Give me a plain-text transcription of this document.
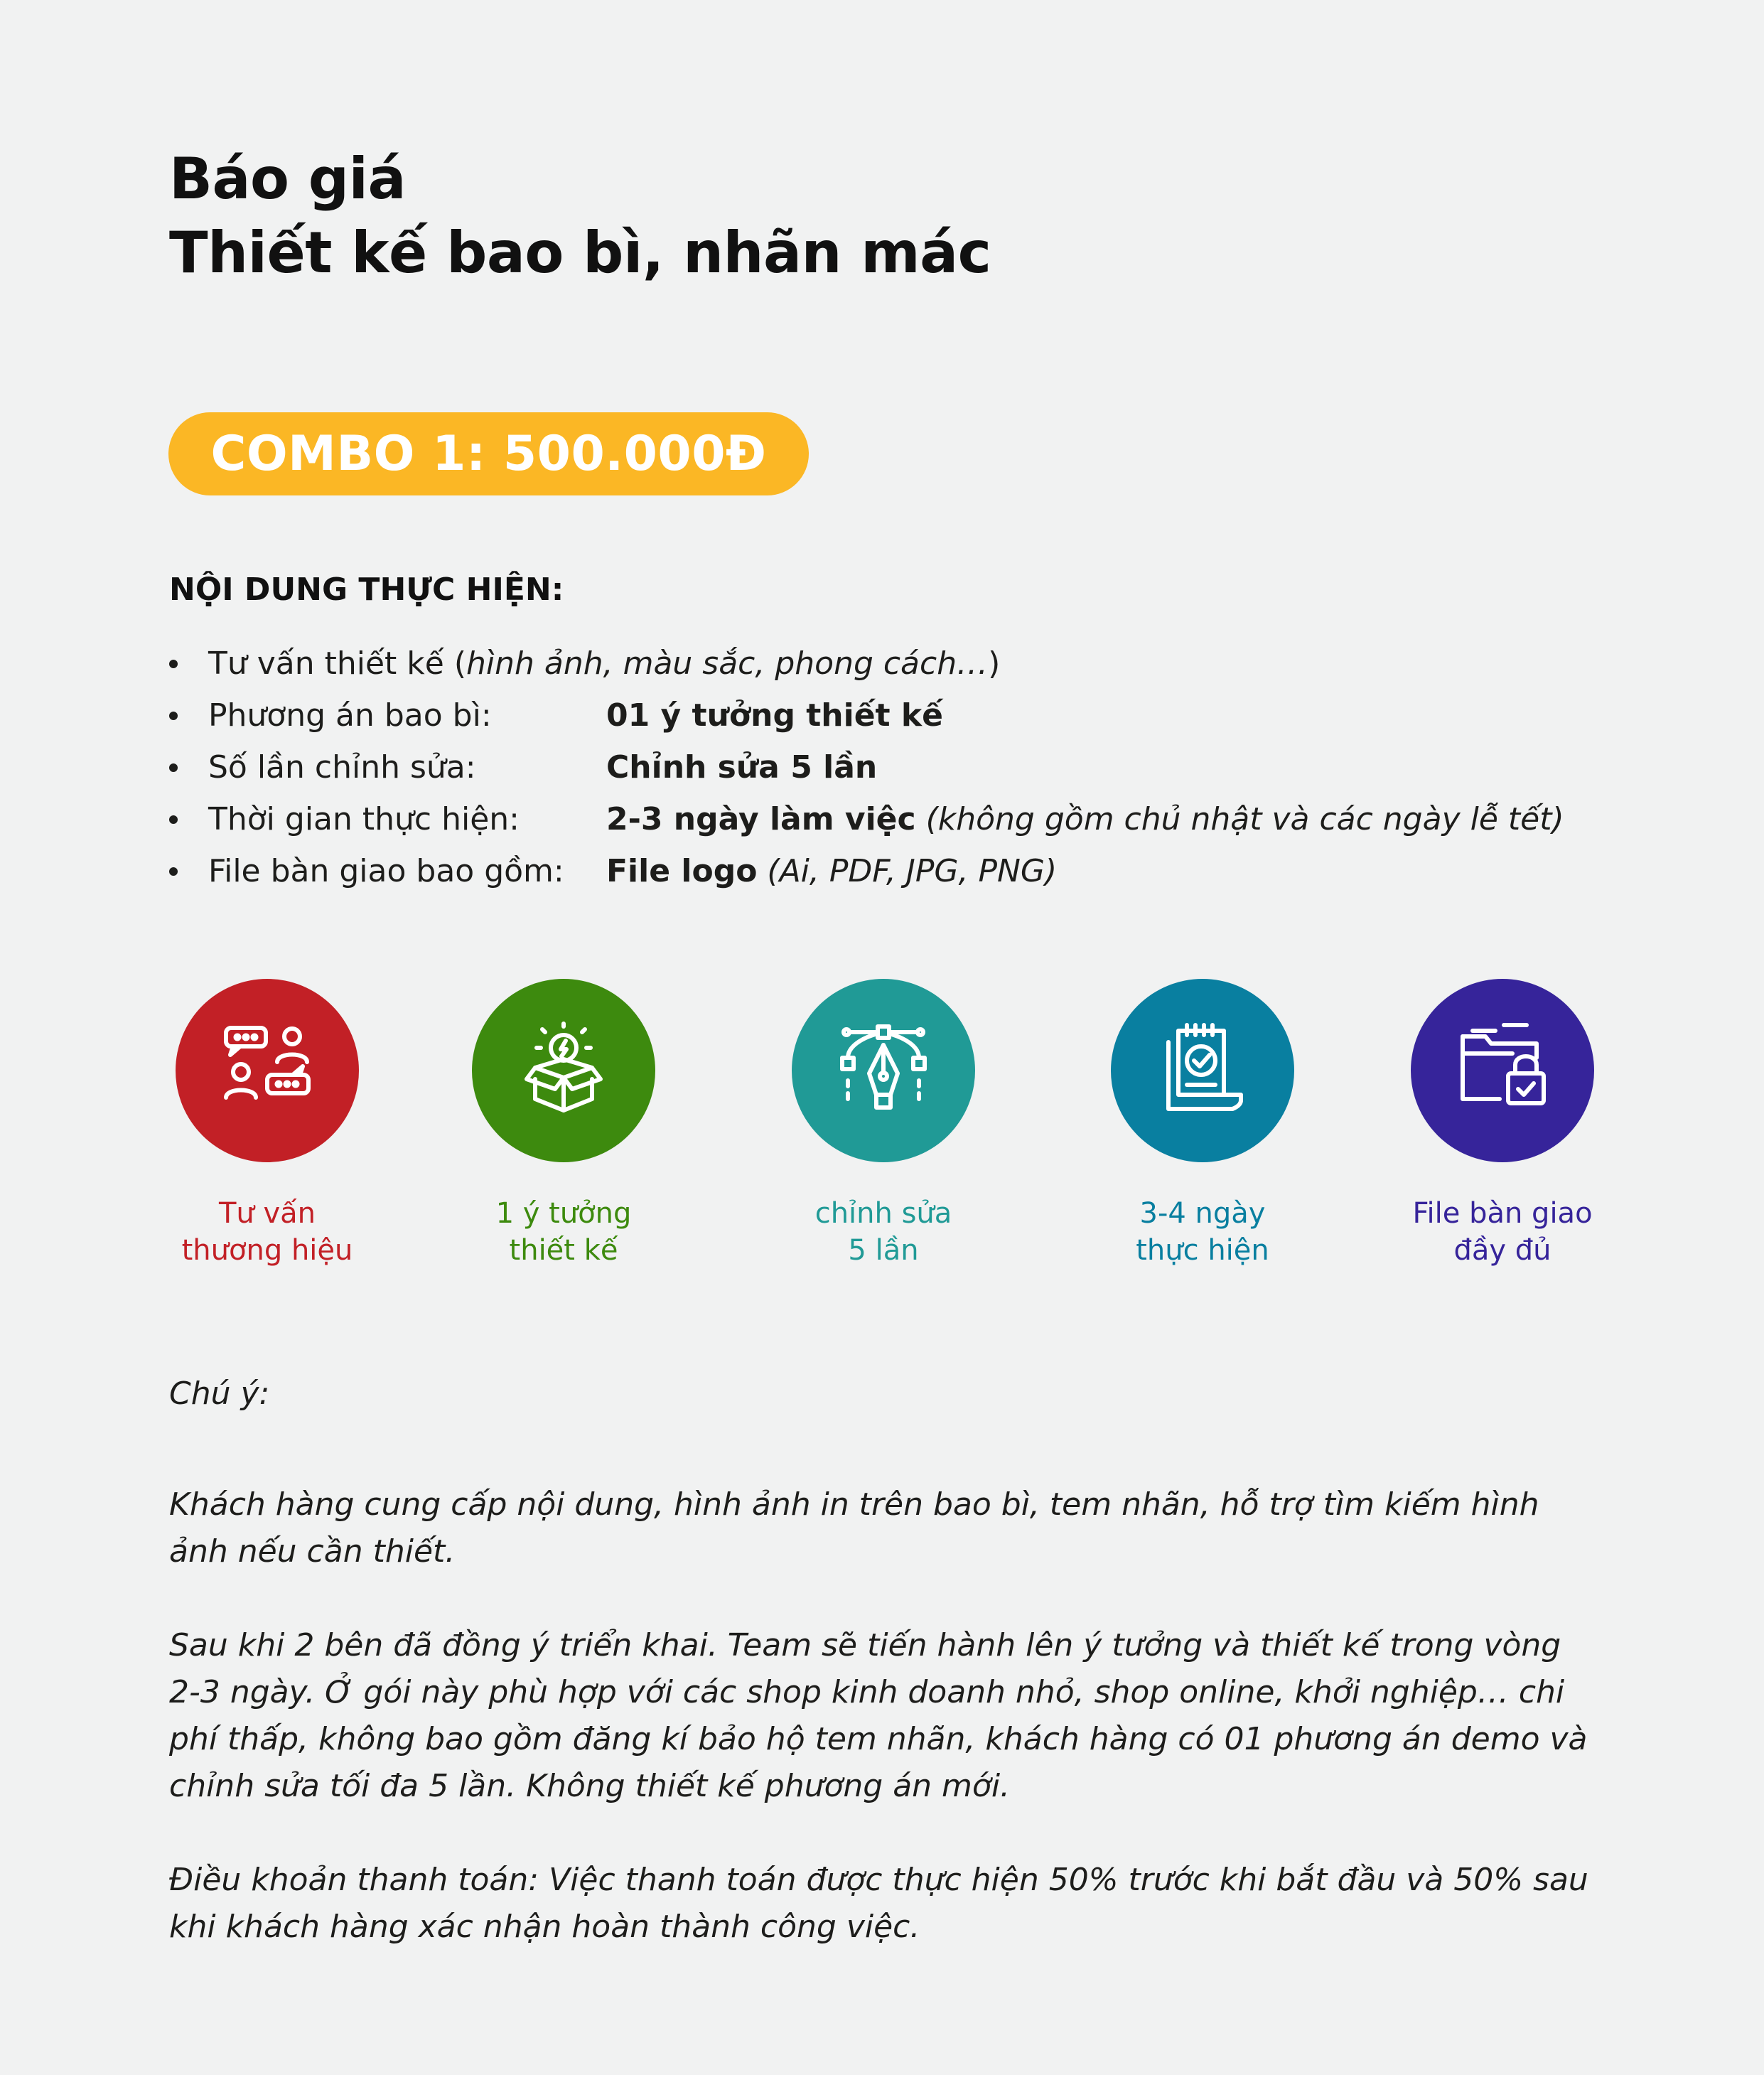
Báo giá
Thiết kế bao bì, nhãn mác
COMBO 1: 500.000Đ
NỘI DUNG THỰC HIỆN:
Tư vấn thiết kế (hình ảnh, màu sắc, phong cách…)
Phương án bao bì:	01 ý tưởng thiết kế
Số lần chỉnh sửa:	Chỉnh sửa 5 lần
Thời gian thực hiện:	2-3 ngày làm việc (không gồm chủ nhật và các ngày lễ tết)
File bàn giao bao gồm: File logo (Ai, PDF, JPG, PNG)
Tư vấn
thương hiệu
1 ý tưởng
thiết kế
chỉnh sửa
5 lần
3-4 ngày
thực hiện
File bàn giao
đầy đủ

Chú ý:

Khách hàng cung cấp nội dung, hình ảnh in trên bao bì, tem nhãn, hỗ trợ tìm kiếm hình ảnh nếu cần thiết.

Sau khi 2 bên đã đồng ý triển khai. Team sẽ tiến hành lên ý tưởng và thiết kế trong vòng 2-3 ngày. Ở gói này phù hợp với các shop kinh doanh nhỏ, shop online, khởi nghiệp… chi phí thấp, không bao gồm đăng kí bảo hộ tem nhãn, khách hàng có 01 phương án demo và chỉnh sửa tối đa 5 lần. Không thiết kế phương án mới.

Điều khoản thanh toán: Việc thanh toán được thực hiện 50% trước khi bắt đầu và 50% sau khi khách hàng xác nhận hoàn thành công việc.
